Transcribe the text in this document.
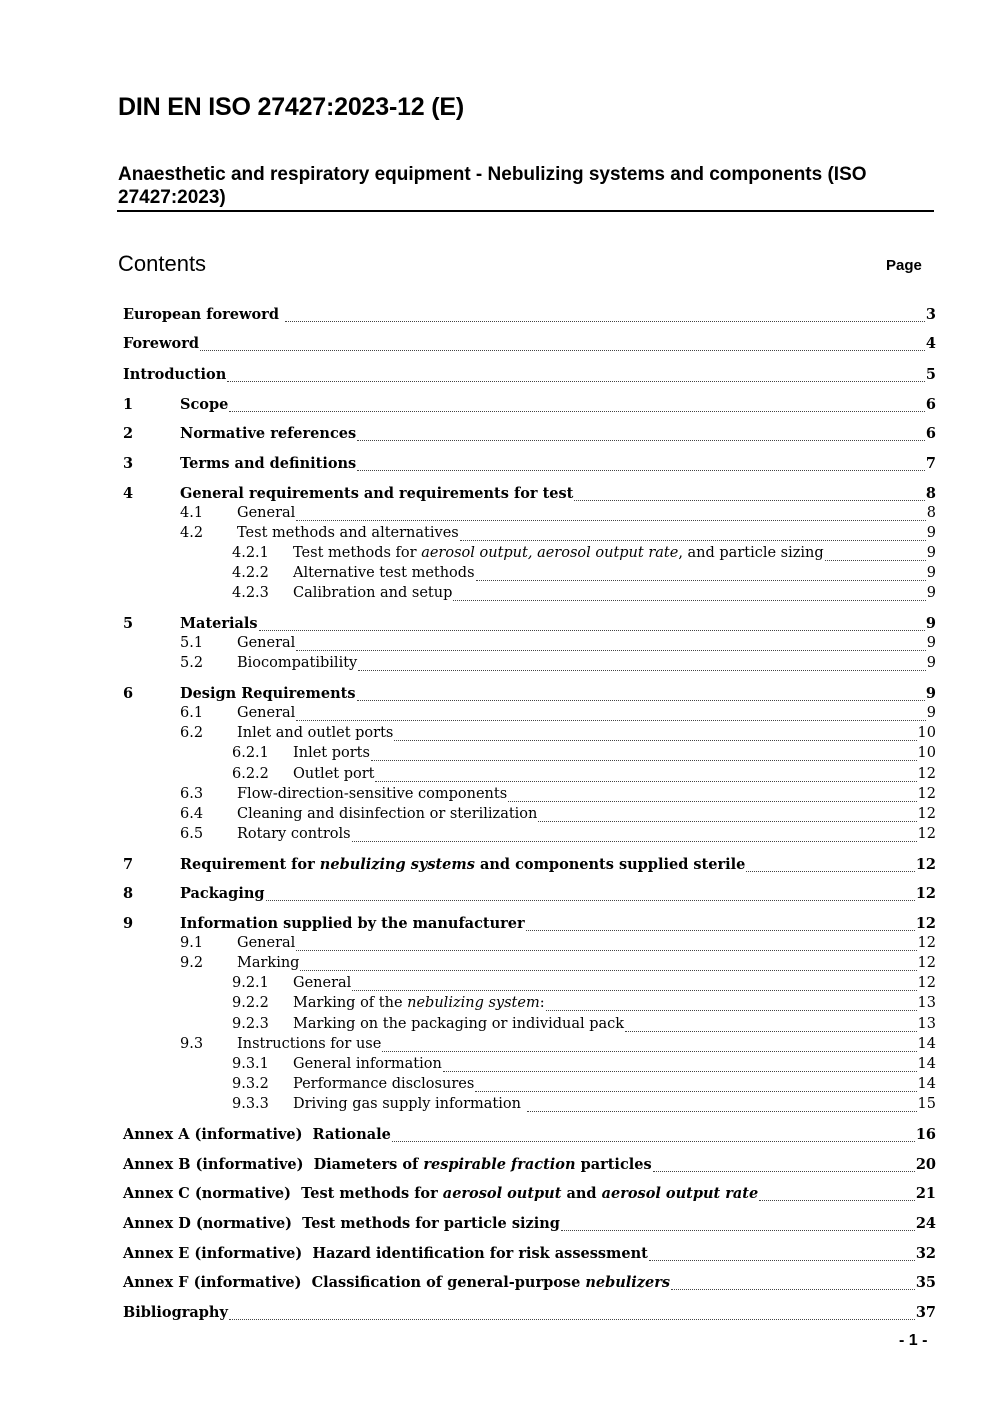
DIN EN ISO 27427:2023-12 (E)
Anaesthetic and respiratory equipment - Nebulizing systems and components (ISO 27427:2023)
Contents	Page
European foreword	3
Foreword	4
Introduction	5
1	Scope	6
2	Normative references	6
3	Terms and definitions	7
4	General requirements and requirements for test	8
4.1 General	8
4.2 Test methods and alternatives	9
4.2.1 Test methods for aerosol output, aerosol output rate , and particle sizing	9
4.2.2 Alternative test methods	9
4.2.3 Calibration and setup	9
5	Materials	9
5.1 General	9
5.2 Biocompatibility	9
6	Design Requirements	9
6.1 General	9
6.2 Inlet and outlet ports	10
6.2.1 Inlet ports	10
6.2.2 Outlet port	12
6.3 Flow-direction-sensitive components	12
6.4 Cleaning and disinfection or sterilization	12
6.5 Rotary controls	12
7	Requirement for nebulizing systems and components supplied sterile	12
8	Packaging	12
9	Information supplied by the manufacturer	12
9.1 General	12
9.2 Marking	12
9.2.1 General	12
9.2.2 Marking of the nebulizing system :	13
9.2.3 Marking on the packaging or individual pack	13
9.3 Instructions for use	14
9.3.1 General information	14
9.3.2 Performance disclosures	14
9.3.3 Driving gas supply information	15
Annex A (informative)  Rationale	16
Annex B (informative)  Diameters of respirable fraction particles	20
Annex C (normative)  Test methods for aerosol output and aerosol output rate	21
Annex D (normative)  Test methods for particle sizing	24
Annex E (informative)  Hazard identification for risk assessment	32
Annex F (informative)  Classification of general-purpose nebulizers	35
Bibliography	37
- 1 -
